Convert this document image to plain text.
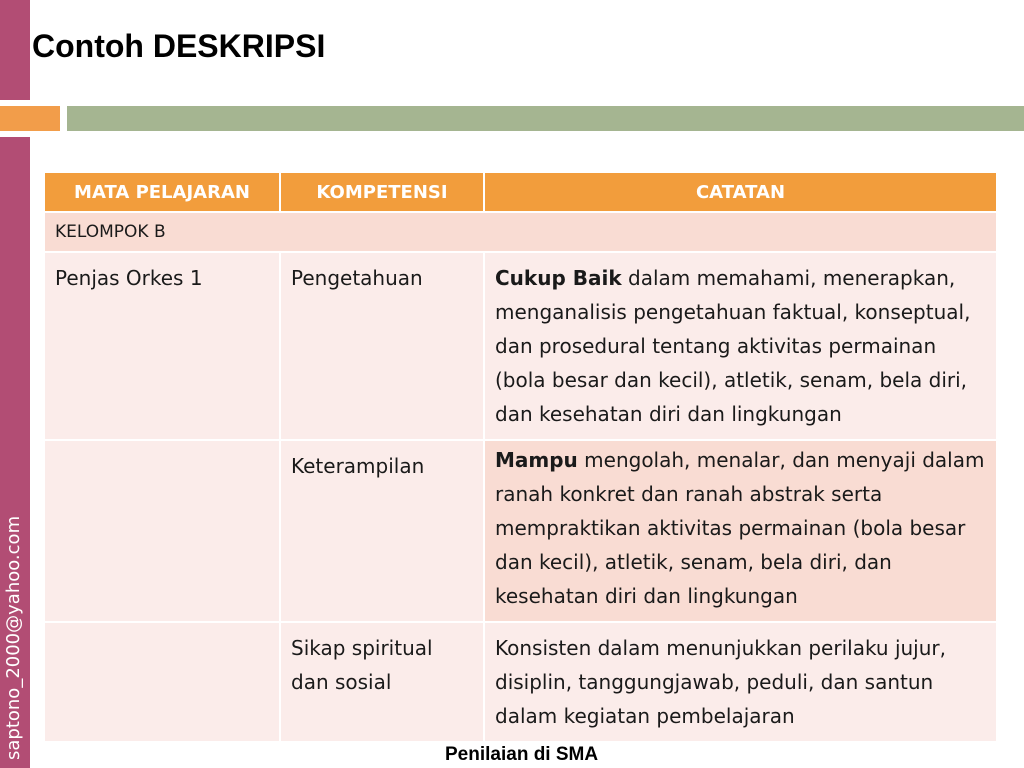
Contoh DESKRIPSI
saptono_2000@yahoo.com
MATA PELAJARAN	KOMPETENSI	CATATAN
KELOMPOK B		
Penjas Orkes 1	Pengetahuan	Cukup Baik dalam memahami, menerapkan, menganalisis pengetahuan faktual, konseptual, dan prosedural tentang aktivitas permainan (bola besar dan kecil), atletik, senam, bela diri, dan kesehatan diri dan lingkungan
	Keterampilan	Mampu mengolah, menalar, dan menyaji dalam ranah konkret dan ranah abstrak serta mempraktikan aktivitas permainan (bola besar dan kecil), atletik, senam, bela diri, dan kesehatan diri dan lingkungan
	Sikap spiritual dan sosial	Konsisten dalam menunjukkan perilaku jujur, disiplin, tanggungjawab, peduli, dan santun dalam kegiatan pembelajaran
Penilaian di SMA
